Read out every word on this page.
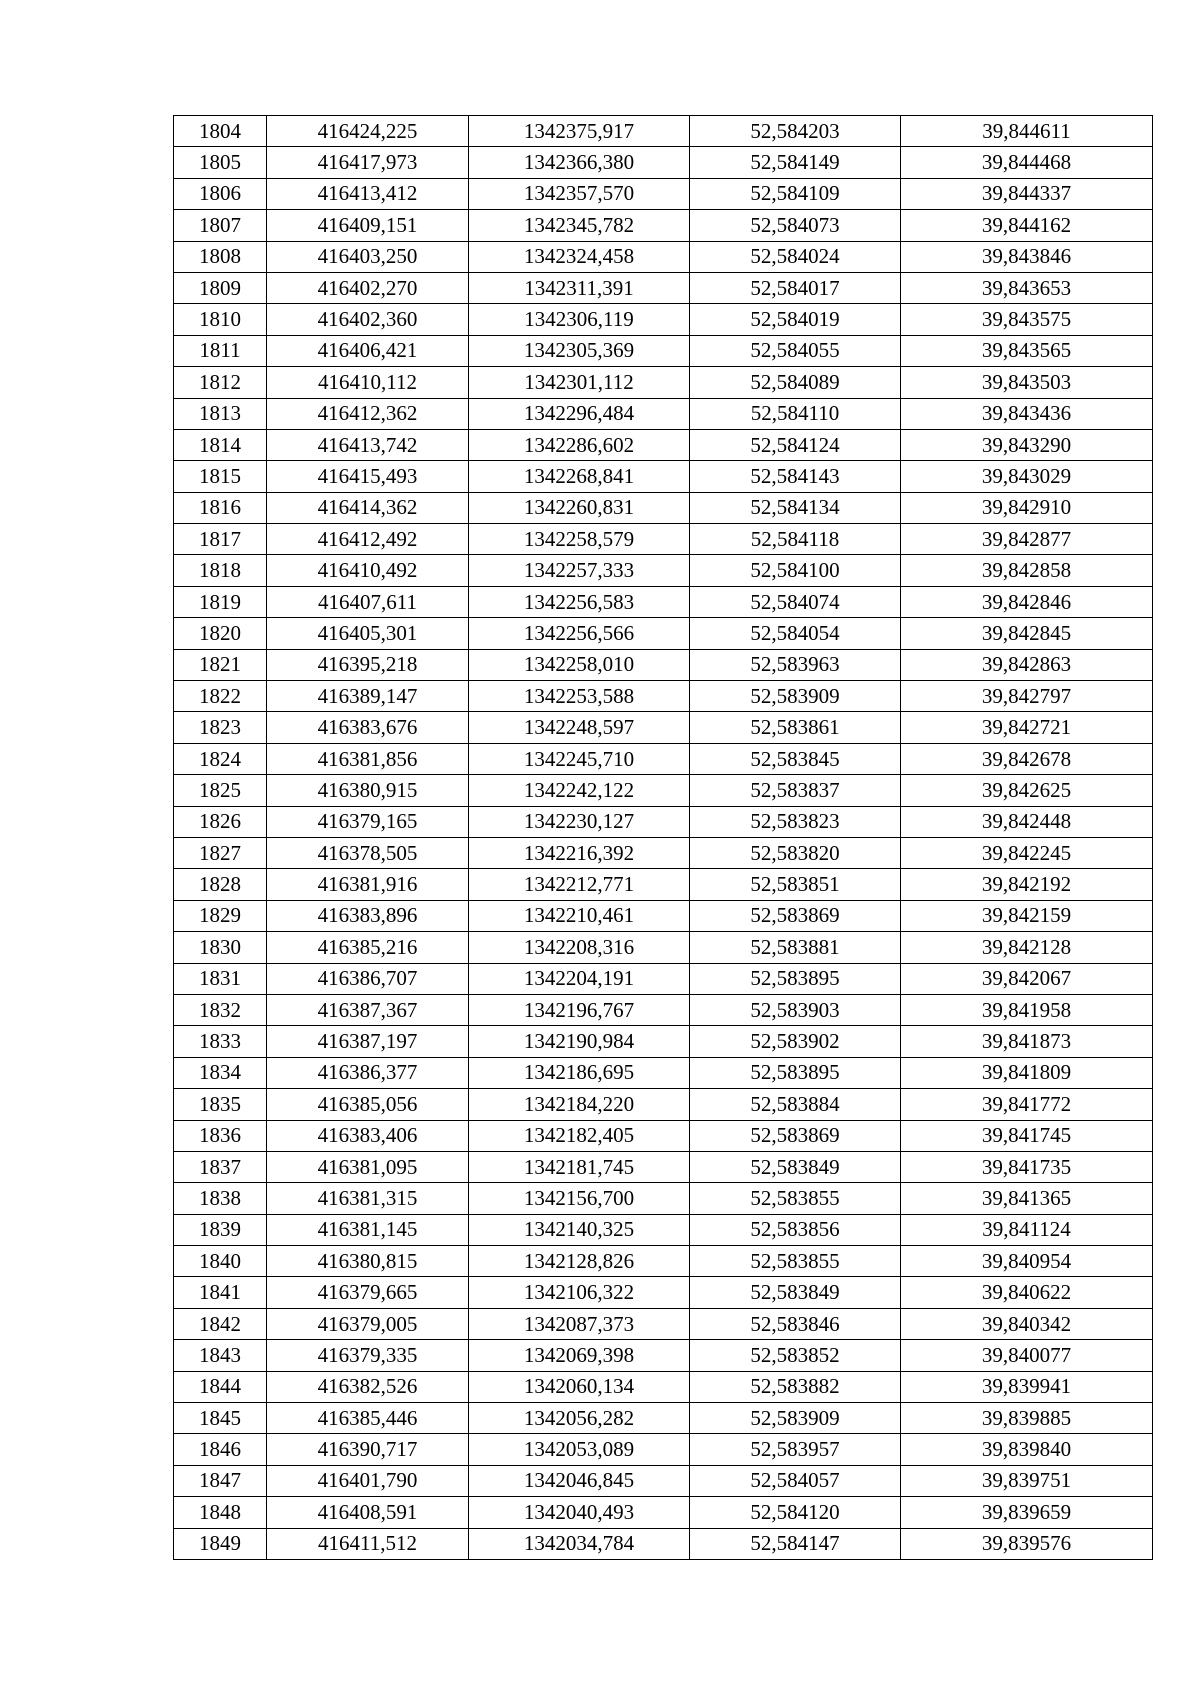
1804	416424,225	1342375,917	52,584203	39,844611
1805	416417,973	1342366,380	52,584149	39,844468
1806	416413,412	1342357,570	52,584109	39,844337
1807	416409,151	1342345,782	52,584073	39,844162
1808	416403,250	1342324,458	52,584024	39,843846
1809	416402,270	1342311,391	52,584017	39,843653
1810	416402,360	1342306,119	52,584019	39,843575
1811	416406,421	1342305,369	52,584055	39,843565
1812	416410,112	1342301,112	52,584089	39,843503
1813	416412,362	1342296,484	52,584110	39,843436
1814	416413,742	1342286,602	52,584124	39,843290
1815	416415,493	1342268,841	52,584143	39,843029
1816	416414,362	1342260,831	52,584134	39,842910
1817	416412,492	1342258,579	52,584118	39,842877
1818	416410,492	1342257,333	52,584100	39,842858
1819	416407,611	1342256,583	52,584074	39,842846
1820	416405,301	1342256,566	52,584054	39,842845
1821	416395,218	1342258,010	52,583963	39,842863
1822	416389,147	1342253,588	52,583909	39,842797
1823	416383,676	1342248,597	52,583861	39,842721
1824	416381,856	1342245,710	52,583845	39,842678
1825	416380,915	1342242,122	52,583837	39,842625
1826	416379,165	1342230,127	52,583823	39,842448
1827	416378,505	1342216,392	52,583820	39,842245
1828	416381,916	1342212,771	52,583851	39,842192
1829	416383,896	1342210,461	52,583869	39,842159
1830	416385,216	1342208,316	52,583881	39,842128
1831	416386,707	1342204,191	52,583895	39,842067
1832	416387,367	1342196,767	52,583903	39,841958
1833	416387,197	1342190,984	52,583902	39,841873
1834	416386,377	1342186,695	52,583895	39,841809
1835	416385,056	1342184,220	52,583884	39,841772
1836	416383,406	1342182,405	52,583869	39,841745
1837	416381,095	1342181,745	52,583849	39,841735
1838	416381,315	1342156,700	52,583855	39,841365
1839	416381,145	1342140,325	52,583856	39,841124
1840	416380,815	1342128,826	52,583855	39,840954
1841	416379,665	1342106,322	52,583849	39,840622
1842	416379,005	1342087,373	52,583846	39,840342
1843	416379,335	1342069,398	52,583852	39,840077
1844	416382,526	1342060,134	52,583882	39,839941
1845	416385,446	1342056,282	52,583909	39,839885
1846	416390,717	1342053,089	52,583957	39,839840
1847	416401,790	1342046,845	52,584057	39,839751
1848	416408,591	1342040,493	52,584120	39,839659
1849	416411,512	1342034,784	52,584147	39,839576
